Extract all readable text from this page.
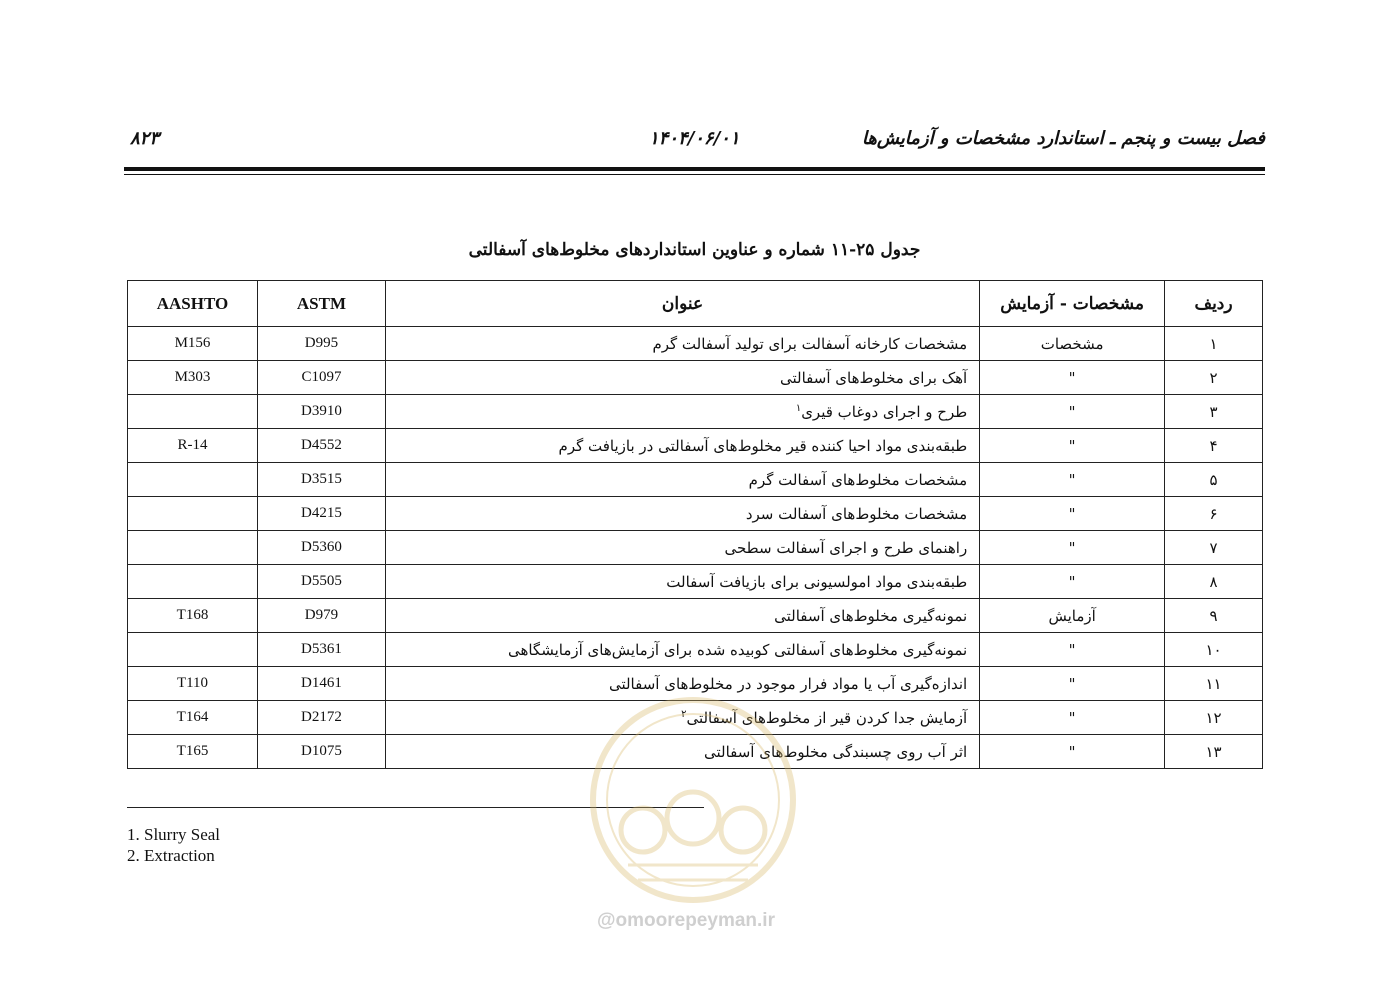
فصل بیست و پنجم ـ استاندارد مشخصات و آزمایش‌ها
۱۴۰۴/۰۶/۰۱
۸۲۳
جدول ۲۵-۱۱ شماره و عناوین استانداردهای مخلوط‌های آسفالتی
ردیف	مشخصات - آزمایش	عنوان	ASTM	AASHTO
۱	مشخصات	مشخصات کارخانه آسفالت برای تولید آسفالت گرم	D995	M156
۲	"	آهک برای مخلوط‌های آسفالتی	C1097	M303
۳	"	طرح و اجرای دوغاب قیری$^۱$	D3910	
۴	"	طبقه‌بندی مواد احیا کننده قیر مخلوط‌های آسفالتی در بازیافت گرم	D4552	R-14
۵	"	مشخصات مخلوط‌های آسفالت گرم	D3515	
۶	"	مشخصات مخلوط‌های آسفالت سرد	D4215	
۷	"	راهنمای طرح و اجرای آسفالت سطحی	D5360	
۸	"	طبقه‌بندی مواد امولسیونی برای بازیافت آسفالت	D5505	
۹	آزمایش	نمونه‌گیری مخلوط‌های آسفالتی	D979	T168
۱۰	"	نمونه‌گیری مخلوط‌های آسفالتی کوبیده شده برای آزمایش‌های آزمایشگاهی	D5361	
۱۱	"	اندازه‌گیری آب یا مواد فرار موجود در مخلوط‌های آسفالتی	D1461	T110
۱۲	"	آزمایش جدا کردن قیر از مخلوط‌های آسفالتی$^۲$	D2172	T164
۱۳	"	اثر آب روی چسبندگی مخلوط‌های آسفالتی	D1075	T165
1. Slurry Seal
2. Extraction
@omoorepeyman.ir
